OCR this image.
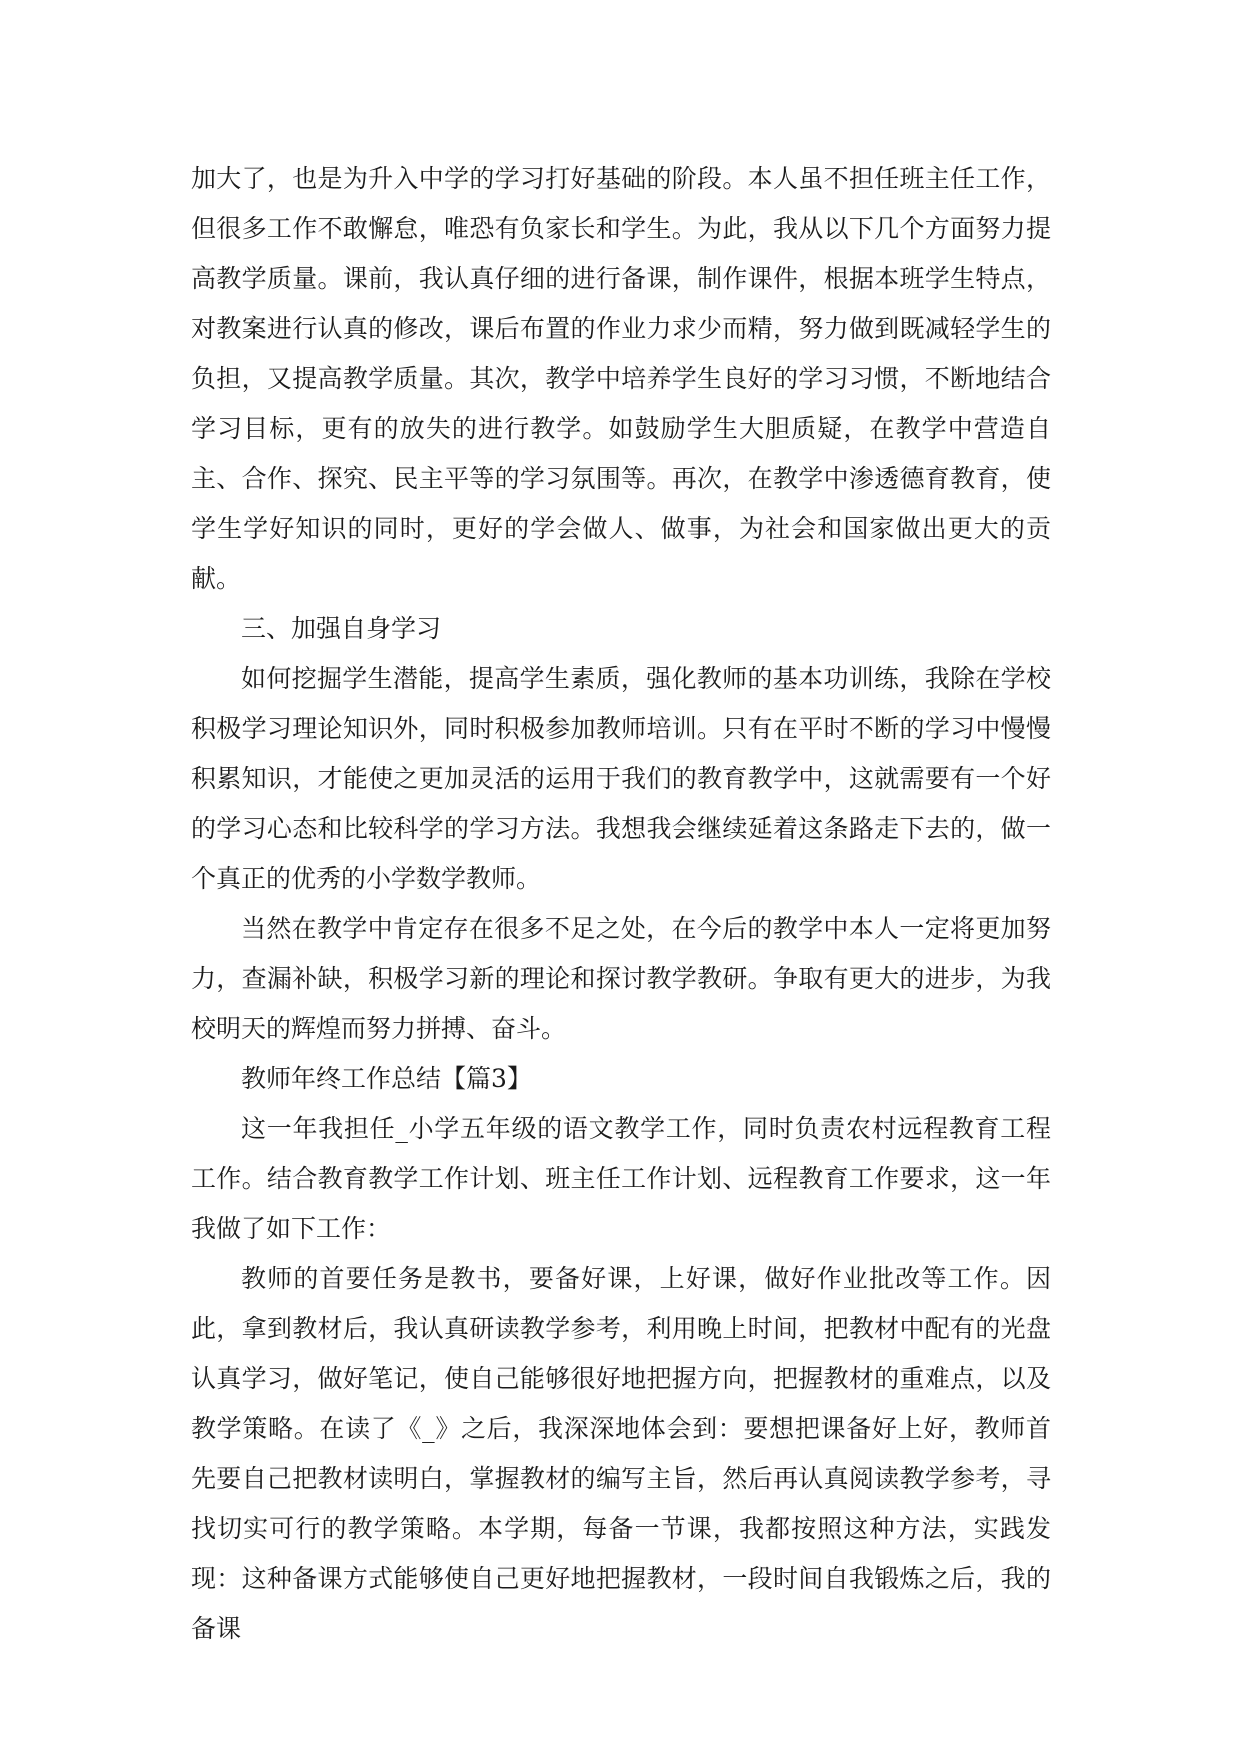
加大了，也是为升入中学的学习打好基础的阶段。本人虽不担任班主任工作，但很多工作不敢懈怠，唯恐有负家长和学生。为此，我从以下几个方面努力提高教学质量。课前，我认真仔细的进行备课，制作课件，根据本班学生特点，对教案进行认真的修改，课后布置的作业力求少而精，努力做到既减轻学生的负担，又提高教学质量。其次，教学中培养学生良好的学习习惯，不断地结合学习目标，更有的放失的进行教学。如鼓励学生大胆质疑，在教学中营造自主、合作、探究、民主平等的学习氛围等。再次，在教学中渗透德育教育，使学生学好知识的同时，更好的学会做人、做事，为社会和国家做出更大的贡献。

三、加强自身学习

如何挖掘学生潜能，提高学生素质，强化教师的基本功训练，我除在学校积极学习理论知识外，同时积极参加教师培训。只有在平时不断的学习中慢慢积累知识，才能使之更加灵活的运用于我们的教育教学中，这就需要有一个好的学习心态和比较科学的学习方法。我想我会继续延着这条路走下去的，做一个真正的优秀的小学数学教师。

当然在教学中肯定存在很多不足之处，在今后的教学中本人一定将更加努力，查漏补缺，积极学习新的理论和探讨教学教研。争取有更大的进步，为我校明天的辉煌而努力拼搏、奋斗。

教师年终工作总结【篇3】

这一年我担任_小学五年级的语文教学工作，同时负责农村远程教育工程工作。结合教育教学工作计划、班主任工作计划、远程教育工作要求，这一年我做了如下工作：

教师的首要任务是教书，要备好课，上好课，做好作业批改等工作。因此，拿到教材后，我认真研读教学参考，利用晚上时间，把教材中配有的光盘认真学习，做好笔记，使自己能够很好地把握方向，把握教材的重难点，以及教学策略。在读了《_》之后，我深深地体会到：要想把课备好上好，教师首先要自己把教材读明白，掌握教材的编写主旨，然后再认真阅读教学参考，寻找切实可行的教学策略。本学期，每备一节课，我都按照这种方法，实践发现：这种备课方式能够使自己更好地把握教材，一段时间自我锻炼之后，我的备课
